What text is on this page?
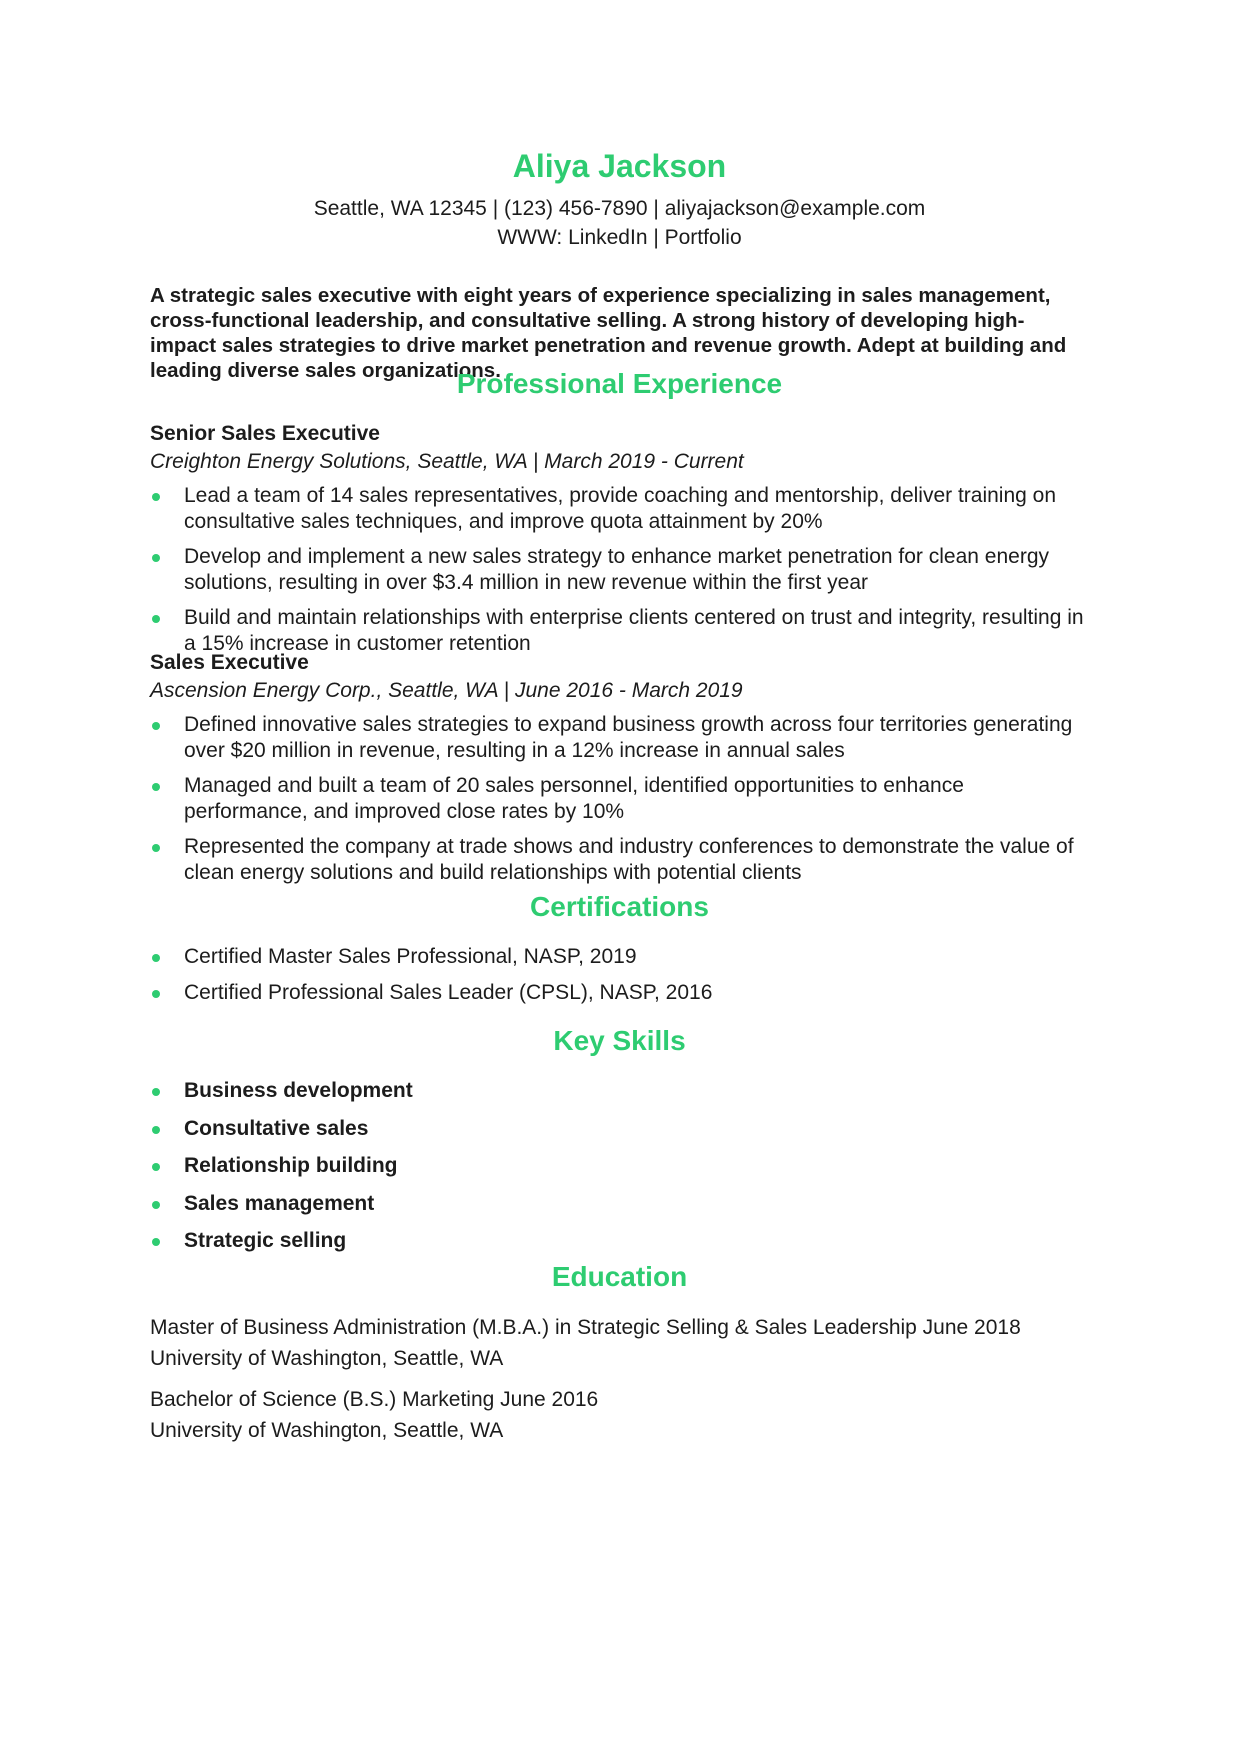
Aliya Jackson
Seattle, WA 12345 | (123) 456-7890 | aliyajackson@example.com
WWW: LinkedIn | Portfolio
A strategic sales executive with eight years of experience specializing in sales management, cross-functional leadership, and consultative selling. A strong history of developing high-impact sales strategies to drive market penetration and revenue growth. Adept at building and leading diverse sales organizations.
Professional Experience
Senior Sales Executive
Creighton Energy Solutions, Seattle, WA | March 2019 - Current
Lead a team of 14 sales representatives, provide coaching and mentorship, deliver training on consultative sales techniques, and improve quota attainment by 20%
Develop and implement a new sales strategy to enhance market penetration for clean energy solutions, resulting in over $3.4 million in new revenue within the first year
Build and maintain relationships with enterprise clients centered on trust and integrity, resulting in a 15% increase in customer retention
Sales Executive
Ascension Energy Corp., Seattle, WA | June 2016 - March 2019
Defined innovative sales strategies to expand business growth across four territories generating over $20 million in revenue, resulting in a 12% increase in annual sales
Managed and built a team of 20 sales personnel, identified opportunities to enhance performance, and improved close rates by 10%
Represented the company at trade shows and industry conferences to demonstrate the value of clean energy solutions and build relationships with potential clients
Certifications
Certified Master Sales Professional, NASP, 2019
Certified Professional Sales Leader (CPSL), NASP, 2016
Key Skills
Business development
Consultative sales
Relationship building
Sales management
Strategic selling
Education
Master of Business Administration (M.B.A.) in Strategic Selling & Sales Leadership June 2018
University of Washington, Seattle, WA
Bachelor of Science (B.S.) Marketing June 2016
University of Washington, Seattle, WA
